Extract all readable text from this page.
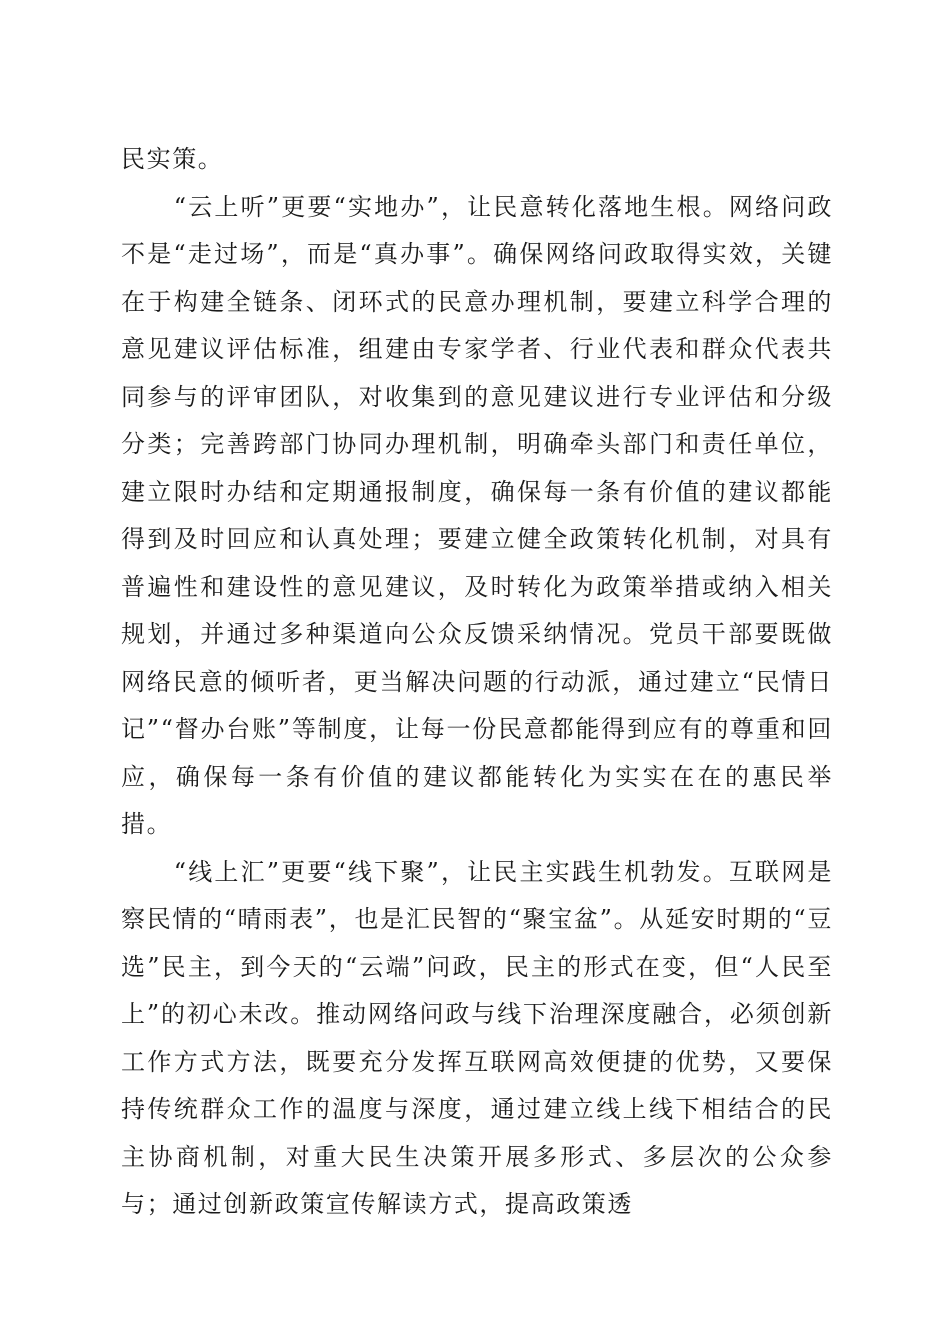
民实策。

“云上听”更要“实地办”，让民意转化落地生根。网络问政不是“走过场”，而是“真办事”。确保网络问政取得实效，关键在于构建全链条、闭环式的民意办理机制，要建立科学合理的意见建议评估标准，组建由专家学者、行业代表和群众代表共同参与的评审团队，对收集到的意见建议进行专业评估和分级分类；完善跨部门协同办理机制，明确牵头部门和责任单位，建立限时办结和定期通报制度，确保每一条有价值的建议都能得到及时回应和认真处理；要建立健全政策转化机制，对具有普遍性和建设性的意见建议，及时转化为政策举措或纳入相关规划，并通过多种渠道向公众反馈采纳情况。党员干部要既做网络民意的倾听者，更当解决问题的行动派，通过建立“民情日记”“督办台账”等制度，让每一份民意都能得到应有的尊重和回应，确保每一条有价值的建议都能转化为实实在在的惠民举措。

“线上汇”更要“线下聚”，让民主实践生机勃发。互联网是察民情的“晴雨表”，也是汇民智的“聚宝盆”。从延安时期的“豆选”民主，到今天的“云端”问政，民主的形式在变，但“人民至上”的初心未改。推动网络问政与线下治理深度融合，必须创新工作方式方法，既要充分发挥互联网高效便捷的优势，又要保持传统群众工作的温度与深度，通过建立线上线下相结合的民主协商机制，对重大民生决策开展多形式、多层次的公众参与；通过创新政策宣传解读方式，提高政策透
